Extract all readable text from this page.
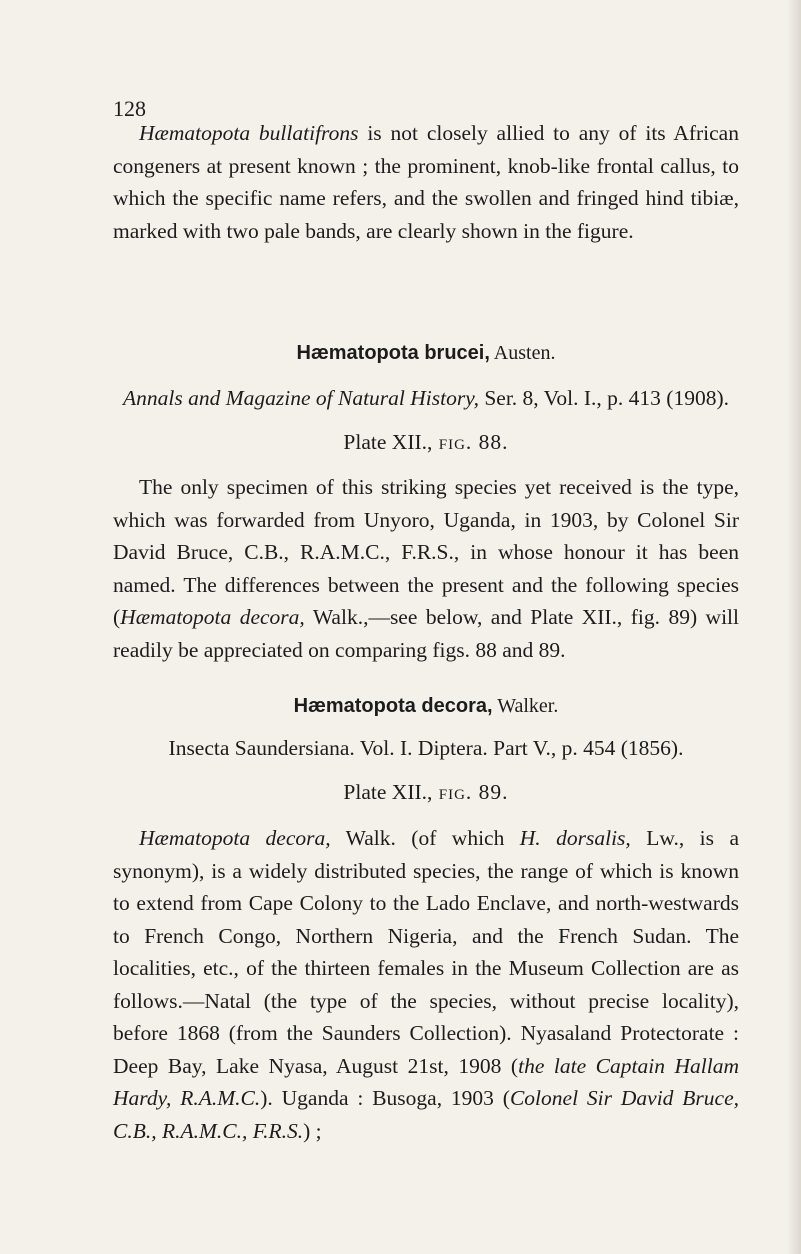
128

Hæmatopota bullatifrons is not closely allied to any of its African congeners at present known ; the prominent, knob-like frontal callus, to which the specific name refers, and the swollen and fringed hind tibiæ, marked with two pale bands, are clearly shown in the figure.

Hæmatopota brucei, Austen.

Annals and Magazine of Natural History, Ser. 8, Vol. I., p. 413 (1908).

Plate XII., fig. 88.

The only specimen of this striking species yet received is the type, which was forwarded from Unyoro, Uganda, in 1903, by Colonel Sir David Bruce, C.B., R.A.M.C., F.R.S., in whose honour it has been named. The differences between the present and the following species (Hæmatopota decora, Walk.,—see below, and Plate XII., fig. 89) will readily be appreciated on comparing figs. 88 and 89.

Hæmatopota decora, Walker.

Insecta Saundersiana. Vol. I. Diptera. Part V., p. 454 (1856).

Plate XII., fig. 89.

Hæmatopota decora, Walk. (of which H. dorsalis, Lw., is a synonym), is a widely distributed species, the range of which is known to extend from Cape Colony to the Lado Enclave, and north-westwards to French Congo, Northern Nigeria, and the French Sudan. The localities, etc., of the thirteen females in the Museum Collection are as follows.—Natal (the type of the species, without precise locality), before 1868 (from the Saunders Collection). Nyasaland Protectorate : Deep Bay, Lake Nyasa, August 21st, 1908 (the late Captain Hallam Hardy, R.A.M.C.). Uganda : Busoga, 1903 (Colonel Sir David Bruce, C.B., R.A.M.C., F.R.S.) ;
